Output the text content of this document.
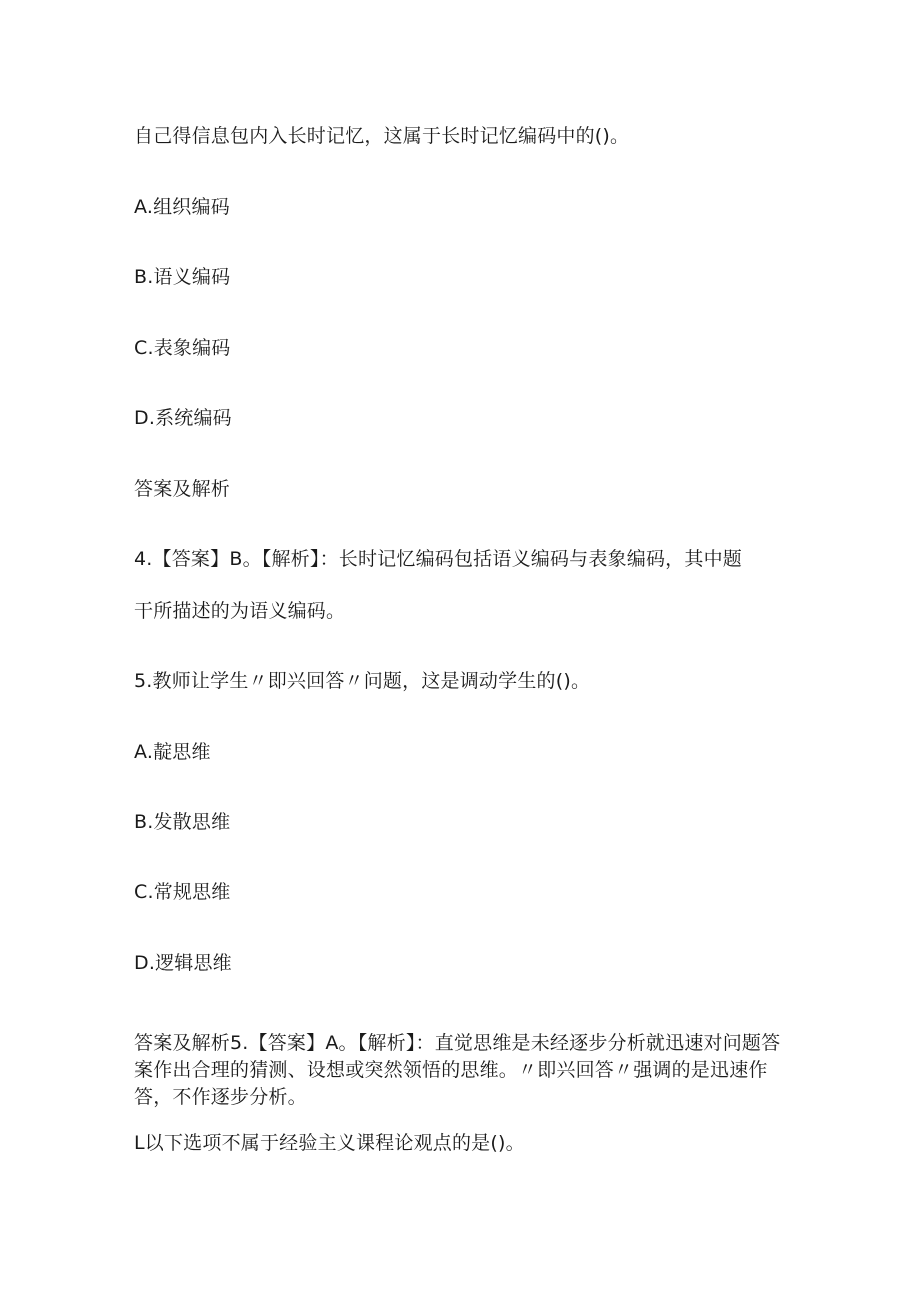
自己得信息包内入长时记忆，这属于长时记忆编码中的()。
A.组织编码
B.语义编码
C.表象编码
D.系统编码
答案及解析
4.【答案】B。【解析】：长时记忆编码包括语义编码与表象编码，其中题
干所描述的为语义编码。
5.教师让学生〃即兴回答〃问题，这是调动学生的()。
A.靛思维
B.发散思维
C.常规思维
D.逻辑思维
答案及解析5.【答案】A。【解析】：直觉思维是未经逐步分析就迅速对问题答案作出合理的猜测、设想或突然领悟的思维。〃即兴回答〃强调的是迅速作答，不作逐步分析。
L以下选项不属于经验主义课程论观点的是()。
